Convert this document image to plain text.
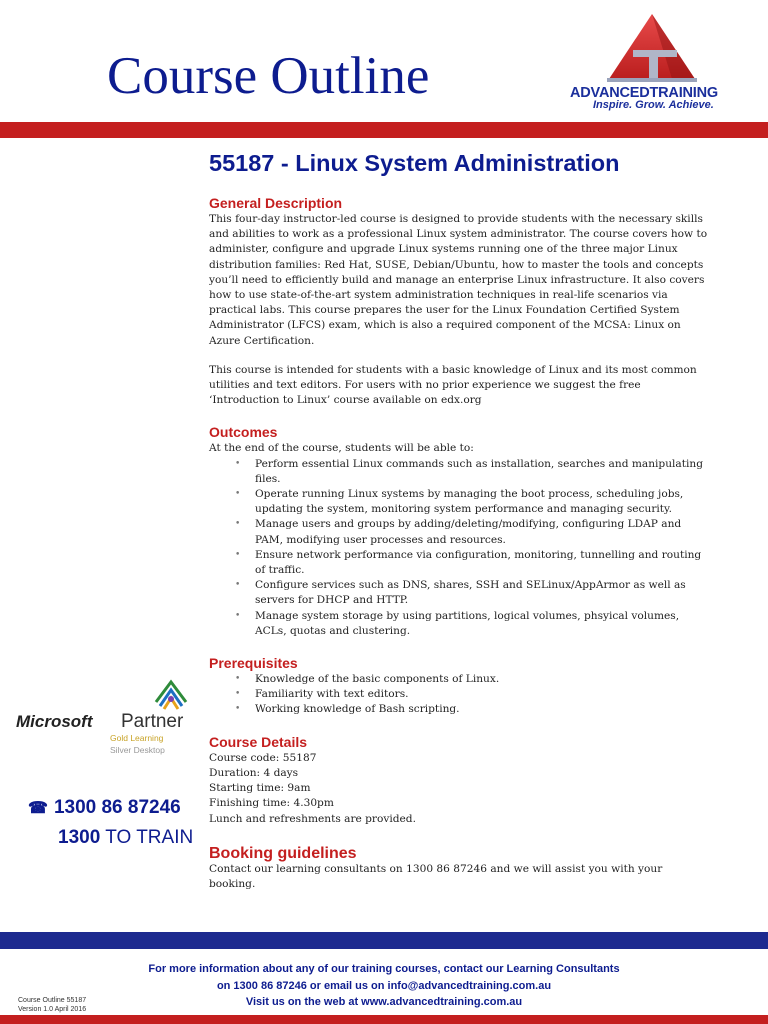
Course Outline	ADVANCEDTRAINING
Inspire. Grow. Achieve.
55187 - Linux System Administration
General Description

This four-day instructor-led course is designed to provide students with the necessary skills and abilities to work as a professional Linux system administrator. The course covers how to administer, configure and upgrade Linux systems running one of the three major Linux distribution families: Red Hat, SUSE, Debian/Ubuntu, how to master the tools and concepts you’ll need to efficiently build and manage an enterprise Linux infrastructure. It also covers how to use state-of-the-art system administration techniques in real-life scenarios via practical labs. This course prepares the user for the Linux Foundation Certified System Administrator (LFCS) exam, which is also a required component of the MCSA: Linux on Azure Certification.

This course is intended for students with a basic knowledge of Linux and its most common utilities and text editors. For users with no prior experience we suggest the free ‘Introduction to Linux’ course available on edx.org

Outcomes

At the end of the course, students will be able to:

• Perform essential Linux commands such as installation, searches and manipulating files.
• Operate running Linux systems by managing the boot process, scheduling jobs, updating the system, monitoring system performance and managing security.
• Manage users and groups by adding/deleting/modifying, configuring LDAP and PAM, modifying user processes and resources.
• Ensure network performance via configuration, monitoring, tunnelling and routing of traffic.
• Configure services such as DNS, shares, SSH and SELinux/AppArmor as well as servers for DHCP and HTTP.
• Manage system storage by using partitions, logical volumes, phsyical volumes, ACLs, quotas and clustering.
Prerequisites
• Knowledge of the basic components of Linux.
• Familiarity with text editors.
• Working knowledge of Bash scripting.
Course Details

Course code: 55187

Duration: 4 days

Starting time: 9am

Finishing time: 4.30pm

Lunch and refreshments are provided.

Booking guidelines

Contact our learning consultants on 1300 86 87246 and we will assist you with your booking.

Microsoft Partner
Gold Learning
Silver Desktop
☎ 1300 86 87246
1300 TO TRAIN
For more information about any of our training courses, contact our Learning Consultants
on 1300 86 87246 or email us on info@advancedtraining.com.au
Visit us on the web at www.advancedtraining.com.au
Course Outline 55187
Version 1.0 April 2016
